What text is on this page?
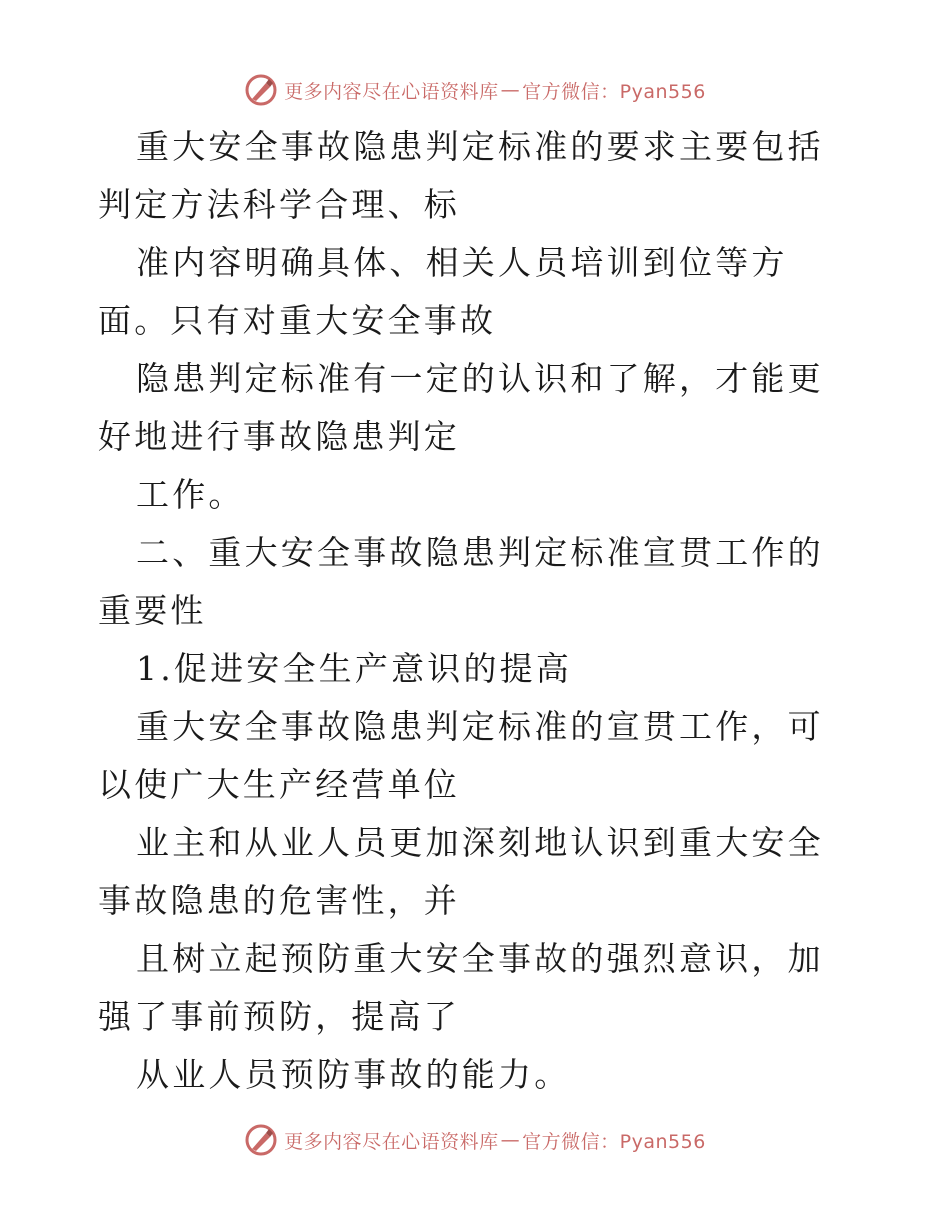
更多内容尽在心语资料库 — 官方微信：Pyan556

重大安全事故隐患判定标准的要求主要包括判定方法科学合理、标

准内容明确具体、相关人员培训到位等方面。只有对重大安全事故

隐患判定标准有一定的认识和了解，才能更好地进行事故隐患判定

工作。

二、重大安全事故隐患判定标准宣贯工作的重要性

1.促进安全生产意识的提高

重大安全事故隐患判定标准的宣贯工作，可以使广大生产经营单位

业主和从业人员更加深刻地认识到重大安全事故隐患的危害性，并

且树立起预防重大安全事故的强烈意识，加强了事前预防，提高了

从业人员预防事故的能力。

更多内容尽在心语资料库 — 官方微信：Pyan556
